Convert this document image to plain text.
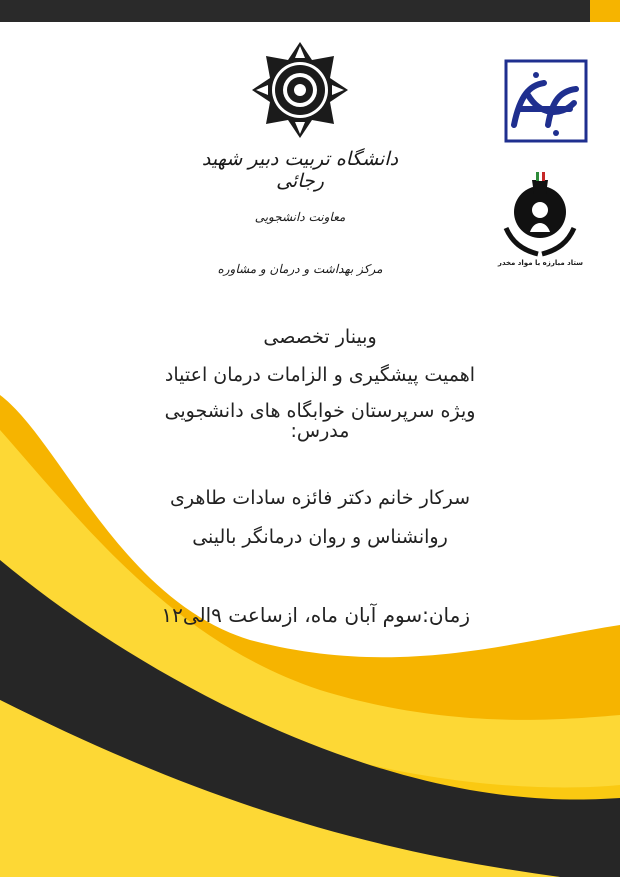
دانشگاه تربیت دبیر شهید رجائی
معاونت دانشجویی
مرکز بهداشت و درمان و مشاوره	ستاد مبارزه با مواد مخدر
وبینار تخصصی
اهمیت پیشگیری و الزامات درمان اعتیاد
ویژه سرپرستان خوابگاه های دانشجویی
مدرس:
سرکار خانم دکتر فائزه سادات طاهری
روانشناس و روان درمانگر بالینی
زمان:سوم آبان ماه، ازساعت ۹الی۱۲
